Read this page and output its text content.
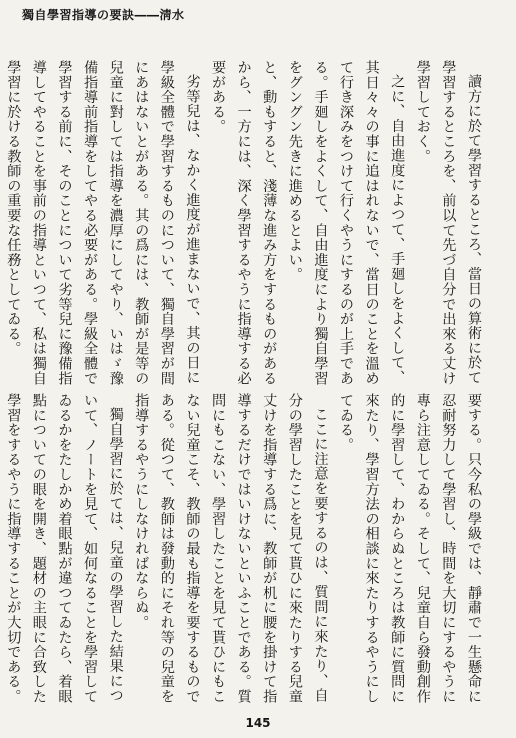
獨自學習指導の要訣――淸水

讀方に於て學習するところ、當日の算術に於て學習するところを、前以て先づ自分で出來る丈け學習しておく。

之に、自由進度によつて、手廻しをよくして、其日々々の事に追はれないで、當日のことを溫めて行き深みをつけて行くやうにするのが上手である。手廻しをよくして、自由進度により獨自學習をグングン先きに進めるとよい。

と、動もすると、淺薄な進み方をするものがあるから、一方には、深く學習するやうに指導する必要がある。

劣等兒は、なかく進度が進まないで、其の日に學級全體で學習するものについて、獨自學習が間にあはないとがある。其の爲には、教師が是等の兒童に對しては指導を濃厚にしてやり、いはゞ豫備指導前指導をしてやる必要がある。學級全體で學習する前に、そのことについて劣等兒に豫備指導してやることを事前の指導といつて、私は獨自學習に於ける教師の重要な任務としてゐる。

要する。只今私の學級では、靜肅で一生懸命に忍耐努力して學習し、時間を大切にするやうに專ら注意してゐる。そして、兒童自ら發動創作的に學習して、わからぬところは教師に質問に來たり、學習方法の相談に來たりするやうにしてゐる。

ここに注意を要するのは、質問に來たり、自分の學習したことを見て貰ひに來たりする兒童丈けを指導する爲に、教師が机に腰を掛けて指導するだけではいけないといふことである。質問にもこない、學習したことを見て貰ひにもこない兒童こそ、教師の最も指導を要するものである。從つて、教師は發動的にそれ等の兒童を指導するやうにしなければならぬ。

獨自學習に於ては、兒童の學習した結果について、ノートを見て、如何なることを學習してゐるかをたしかめ着眼點が違つてゐたら、着眼點についての眼を開き、題材の主眼に合致した學習をするやうに指導することが大切である。

145
